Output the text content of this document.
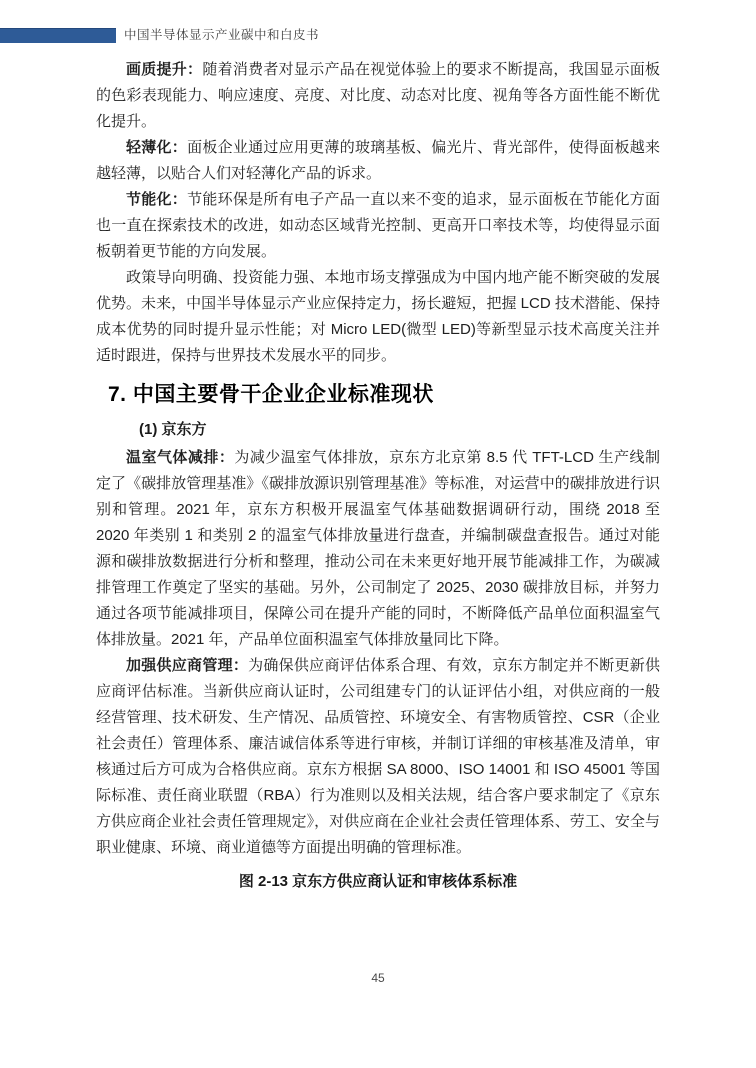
中国半导体显示产业碳中和白皮书

画质提升：随着消费者对显示产品在视觉体验上的要求不断提高，我国显示面板的色彩表现能力、响应速度、亮度、对比度、动态对比度、视角等各方面性能不断优化提升。

轻薄化：面板企业通过应用更薄的玻璃基板、偏光片、背光部件，使得面板越来越轻薄，以贴合人们对轻薄化产品的诉求。

节能化：节能环保是所有电子产品一直以来不变的追求，显示面板在节能化方面也一直在探索技术的改进，如动态区域背光控制、更高开口率技术等，均使得显示面板朝着更节能的方向发展。

政策导向明确、投资能力强、本地市场支撑强成为中国内地产能不断突破的发展优势。未来，中国半导体显示产业应保持定力，扬长避短，把握 LCD 技术潜能、保持成本优势的同时提升显示性能；对 Micro LED(微型 LED)等新型显示技术高度关注并适时跟进，保持与世界技术发展水平的同步。

7. 中国主要骨干企业企业标准现状
(1) 京东方

温室气体减排：为减少温室气体排放，京东方北京第 8.5 代 TFT-LCD 生产线制定了《碳排放管理基准》《碳排放源识别管理基准》等标准，对运营中的碳排放进行识别和管理。2021 年，京东方积极开展温室气体基础数据调研行动，围绕 2018 至 2020 年类别 1 和类别 2 的温室气体排放量进行盘查，并编制碳盘查报告。通过对能源和碳排放数据进行分析和整理，推动公司在未来更好地开展节能减排工作，为碳减排管理工作奠定了坚实的基础。另外，公司制定了 2025、2030 碳排放目标，并努力通过各项节能减排项目，保障公司在提升产能的同时，不断降低产品单位面积温室气体排放量。2021 年，产品单位面积温室气体排放量同比下降。

加强供应商管理：为确保供应商评估体系合理、有效，京东方制定并不断更新供应商评估标准。当新供应商认证时，公司组建专门的认证评估小组，对供应商的一般经营管理、技术研发、生产情况、品质管控、环境安全、有害物质管控、CSR（企业社会责任）管理体系、廉洁诚信体系等进行审核，并制订详细的审核基准及清单，审核通过后方可成为合格供应商。京东方根据 SA 8000、ISO 14001 和 ISO 45001 等国际标准、责任商业联盟（RBA）行为准则以及相关法规，结合客户要求制定了《京东方供应商企业社会责任管理规定》，对供应商在企业社会责任管理体系、劳工、安全与职业健康、环境、商业道德等方面提出明确的管理标准。

图 2-13 京东方供应商认证和审核体系标准
45
